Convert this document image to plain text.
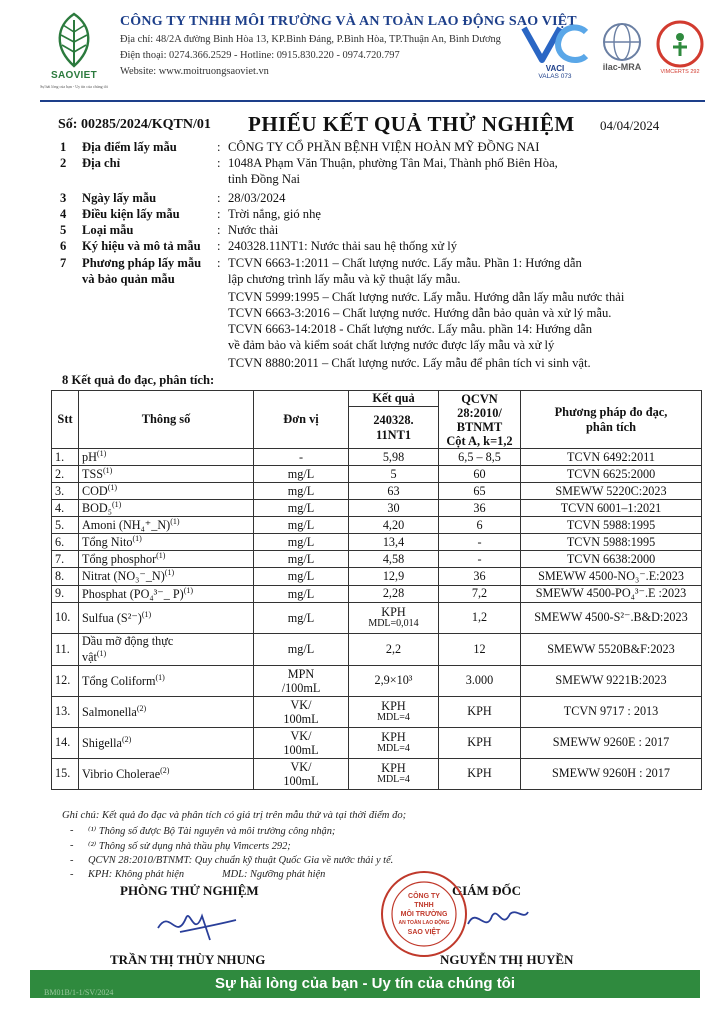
SAOVIET
Sự hài lòng của bạn - Uy tín của chúng tôi
CÔNG TY TNHH MÔI TRƯỜNG VÀ AN TOÀN LAO ĐỘNG SAO VIỆT
Địa chỉ: 48/2A đường Bình Hòa 13, KP.Bình Đáng, P.Bình Hòa, TP.Thuận An, Bình Dương
Điện thoại: 0274.366.2529 - Hotline: 0915.830.220 - 0974.720.797
Website: www.moitruongsaoviet.vn	VACI
VALAS 073
ilac-MRA	VIMCERTS 292
Số: 00285/2024/KQTN/01 PHIẾU KẾT QUẢ THỬ NGHIỆM 04/04/2024
1	Địa điểm lấy mẫu	: CÔNG TY CỔ PHẦN BỆNH VIỆN HOÀN MỸ ĐỒNG NAI
2	Địa chỉ	: 1048A Phạm Văn Thuận, phường Tân Mai, Thành phố Biên Hòa,
tỉnh Đồng Nai
3	Ngày lấy mẫu	: 28/03/2024
4	Điều kiện lấy mẫu	: Trời nắng, gió nhẹ
5	Loại mẫu	: Nước thải
6	Ký hiệu và mô tả mẫu : 240328.11NT1: Nước thải sau hệ thống xử lý
7	Phương pháp lấy mẫu
và bảo quản mẫu
: TCVN 6663-1:2011 – Chất lượng nước. Lấy mẫu. Phần 1: Hướng dẫn
lập chương trình lấy mẫu và kỹ thuật lấy mẫu.
TCVN 5999:1995 – Chất lượng nước. Lấy mẫu. Hướng dẫn lấy mẫu nước thải
TCVN 6663-3:2016 – Chất lượng nước. Hướng dẫn bảo quản và xử lý mẫu.
TCVN 6663-14:2018 - Chất lượng nước. Lấy mẫu. phần 14: Hướng dẫn
về đảm bảo và kiểm soát chất lượng nước được lấy mẫu và xử lý
TCVN 8880:2011 – Chất lượng nước. Lấy mẫu để phân tích vi sinh vật.
8 Kết quả đo đạc, phân tích:
Stt	Thông số	Đơn vị	Kết quả	QCVN
28:2010/
BTNMT
Cột A, k=1,2	Phương pháp đo đạc,
phân tích
			240328.
11NT1		
1.	$pH^{(1)}$	-	5,98	6,5 – 8,5	TCVN 6492:2011
2.	TSS$^{(1)}$	mg/L	5	60	TCVN 6625:2000
3.	COD$^{(1)}$	mg/L	63	65	SMEWW 5220C:2023
4.	BOD₅$^{(1)}$	mg/L	30	36	TCVN 6001–1:2021
5.	Amoni (NH₄⁺_N)$^{(1)}$	mg/L	4,20	6	TCVN 5988:1995
6.	Tổng Nito$^{(1)}$	mg/L	13,4	-	TCVN 5988:1995
7.	Tổng phosphor$^{(1)}$	mg/L	4,58	-	TCVN 6638:2000
8.	Nitrat (NO₃⁻_N)$^{(1)}$	mg/L	12,9	36	SMEWW 4500-NO₃⁻.E:2023
9.	Phosphat (PO₄³⁻_ P)$^{(1)}$	mg/L	2,28	7,2	SMEWW 4500-PO₄³⁻.E :2023
10.	Sulfua $(S^{2-})^{(1)}$	mg/L	KPH
MDL=0,014	1,2	SMEWW 4500-S²⁻.B&D:2023
11.	Dầu mỡ động thực
vật$^{(1)}$	mg/L	2,2	12	SMEWW 5520B&F:2023
12.	Tổng Coliform$^{(1)}$	MPN
/100mL	2,9×10³	3.000	SMEWW 9221B:2023
13.	Salmonella$^{(2)}$	VK/
100mL	KPH
MDL=4	KPH	TCVN 9717 : 2013
14.	Shigella$^{(2)}$	VK/
100mL	KPH
MDL=4	KPH	SMEWW 9260E : 2017
15.	Vibrio Cholerae$^{(2)}$	VK/
100mL	KPH
MDL=4	KPH	SMEWW 9260H : 2017
Ghi chú: Kết quả đo đạc và phân tích có giá trị trên mẫu thử và tại thời điểm đo;
- ⁽¹⁾ Thông số được Bộ Tài nguyên và môi trường công nhận;
- ⁽²⁾ Thông số sử dụng nhà thầu phụ Vimcerts 292;
- QCVN 28:2010/BTNMT: Quy chuẩn kỹ thuật Quốc Gia về nước thải y tế.
- KPH: Không phát hiện	MDL: Ngưỡng phát hiện
PHÒNG THỬ NGHIỆM	GIÁM ĐỐC
CÔNG TY
TNHH
MÔI TRƯỜNG
AN TOÀN LAO ĐỘNG
SAO VIỆT
TRẦN THỊ THÙY NHUNG	NGUYỄN THỊ HUYỀN
BM01B/1-1/SV/2024
Sự hài lòng của bạn - Uy tín của chúng tôi
